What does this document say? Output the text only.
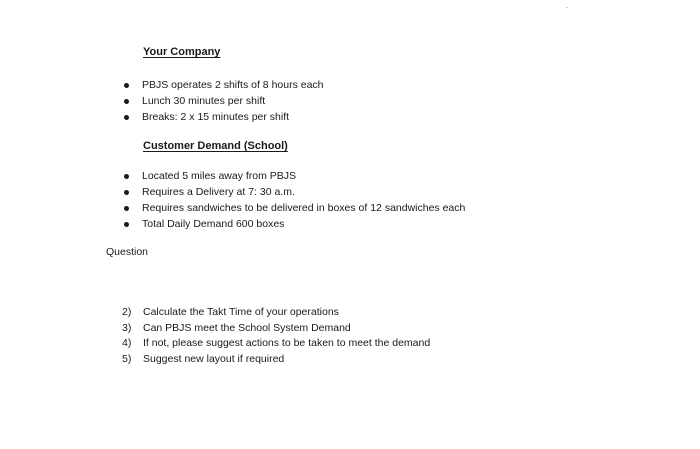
Your Company
PBJS operates 2 shifts of 8 hours each
Lunch 30 minutes per shift
Breaks: 2 x 15 minutes per shift
Customer Demand (School)
Located 5 miles away from PBJS
Requires a Delivery at 7: 30 a.m.
Requires sandwiches to be delivered in boxes of 12 sandwiches each
Total Daily Demand 600 boxes
Question
2) Calculate the Takt Time of your operations
3) Can PBJS meet the School System Demand
4) If not, please suggest actions to be taken to meet the demand
5) Suggest new layout if required
